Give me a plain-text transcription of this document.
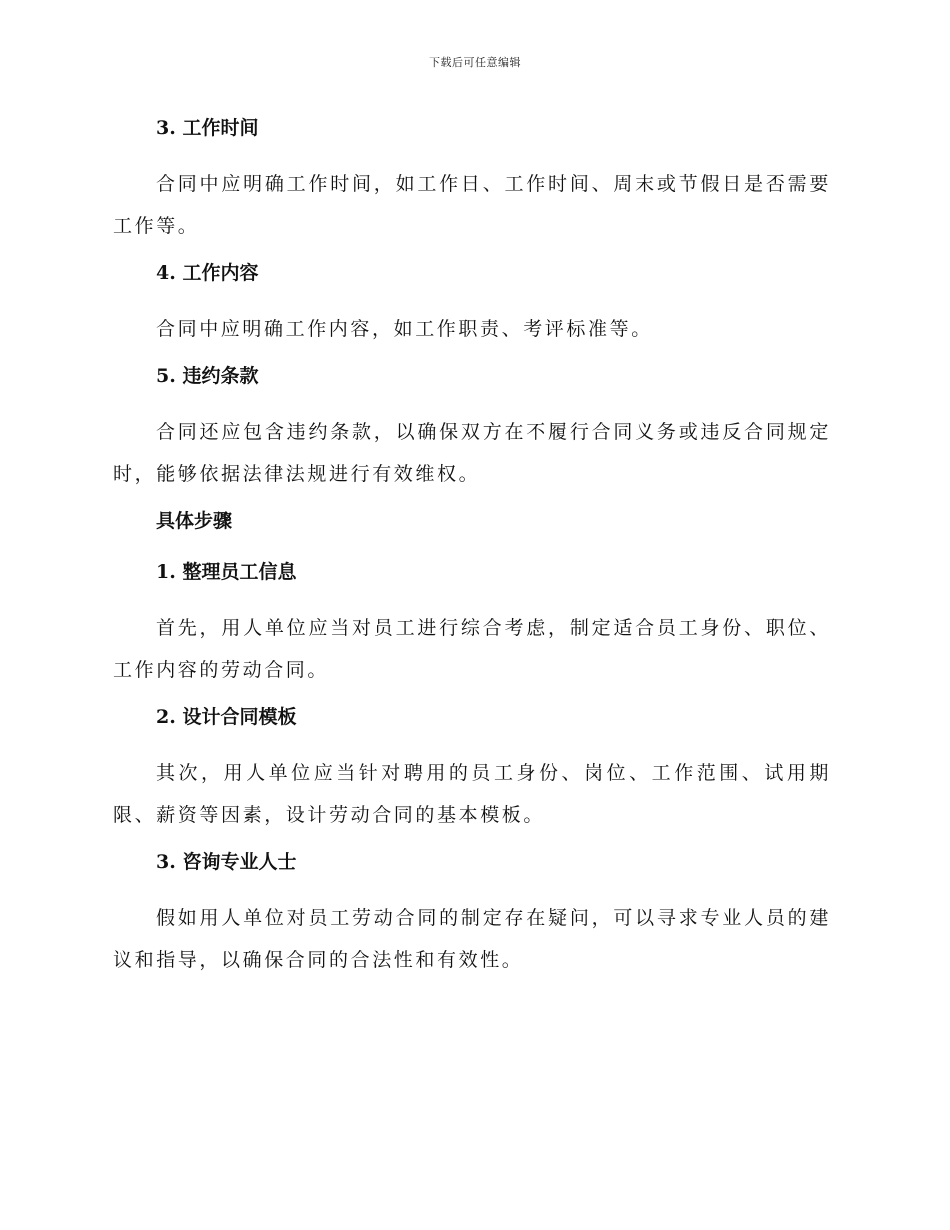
下载后可任意编辑
3. 工作时间

合同中应明确工作时间，如工作日、工作时间、周末或节假日是否需要工作等。

4. 工作内容

合同中应明确工作内容，如工作职责、考评标准等。

5. 违约条款

合同还应包含违约条款，以确保双方在不履行合同义务或违反合同规定时，能够依据法律法规进行有效维权。

具体步骤
1. 整理员工信息

首先，用人单位应当对员工进行综合考虑，制定适合员工身份、职位、工作内容的劳动合同。

2. 设计合同模板

其次，用人单位应当针对聘用的员工身份、岗位、工作范围、试用期限、薪资等因素，设计劳动合同的基本模板。

3. 咨询专业人士

假如用人单位对员工劳动合同的制定存在疑问，可以寻求专业人员的建议和指导，以确保合同的合法性和有效性。
